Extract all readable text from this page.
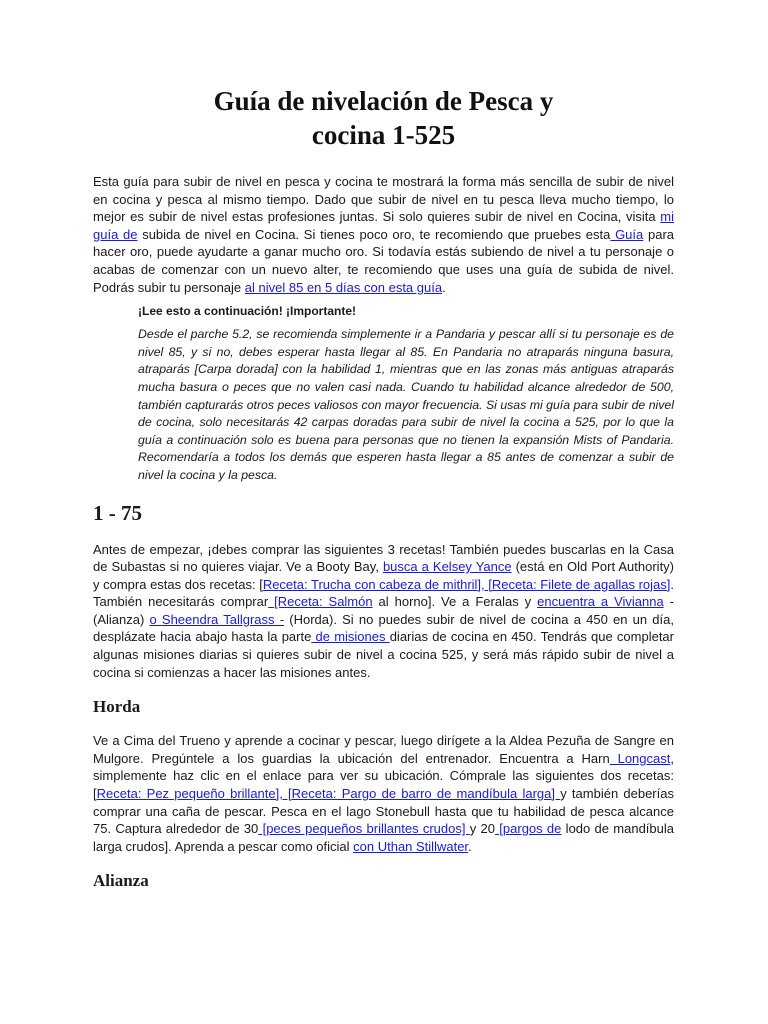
Guía de nivelación de Pesca y
cocina 1-525

Esta guía para subir de nivel en pesca y cocina te mostrará la forma más sencilla de subir de nivel en cocina y pesca al mismo tiempo. Dado que subir de nivel en tu pesca lleva mucho tiempo, lo mejor es subir de nivel estas profesiones juntas. Si solo quieres subir de nivel en Cocina, visita mi guía de subida de nivel en Cocina. Si tienes poco oro, te recomiendo que pruebes esta Guía para hacer oro, puede ayudarte a ganar mucho oro. Si todavía estás subiendo de nivel a tu personaje o acabas de comenzar con un nuevo alter, te recomiendo que uses una guía de subida de nivel. Podrás subir tu personaje al nivel 85 en 5 días con esta guía.

¡Lee esto a continuación! ¡Importante!

Desde el parche 5.2, se recomienda simplemente ir a Pandaria y pescar allí si tu personaje es de nivel 85, y si no, debes esperar hasta llegar al 85. En Pandaria no atraparás ninguna basura, atraparás [Carpa dorada] con la habilidad 1, mientras que en las zonas más antiguas atraparás mucha basura o peces que no valen casi nada. Cuando tu habilidad alcance alrededor de 500, también capturarás otros peces valiosos con mayor frecuencia. Si usas mi guía para subir de nivel de cocina, solo necesitarás 42 carpas doradas para subir de nivel la cocina a 525, por lo que la guía a continuación solo es buena para personas que no tienen la expansión Mists of Pandaria. Recomendaría a todos los demás que esperen hasta llegar a 85 antes de comenzar a subir de nivel la cocina y la pesca.

1 - 75

Antes de empezar, ¡debes comprar las siguientes 3 recetas! También puedes buscarlas en la Casa de Subastas si no quieres viajar. Ve a Booty Bay, busca a Kelsey Yance (está en Old Port Authority) y compra estas dos recetas: [Receta: Trucha con cabeza de mithril], [Receta: Filete de agallas rojas]. También necesitarás comprar [Receta: Salmón al horno]. Ve a Feralas y encuentra a Vivianna - (Alianza) o Sheendra Tallgrass - (Horda). Si no puedes subir de nivel de cocina a 450 en un día, desplázate hacia abajo hasta la parte de misiones diarias de cocina en 450. Tendrás que completar algunas misiones diarias si quieres subir de nivel a cocina 525, y será más rápido subir de nivel a cocina si comienzas a hacer las misiones antes.

Horda

Ve a Cima del Trueno y aprende a cocinar y pescar, luego dirígete a la Aldea Pezuña de Sangre en Mulgore. Pregúntele a los guardias la ubicación del entrenador. Encuentra a Harn Longcast, simplemente haz clic en el enlace para ver su ubicación. Cómprale las siguientes dos recetas: [Receta: Pez pequeño brillante], [Receta: Pargo de barro de mandíbula larga] y también deberías comprar una caña de pescar. Pesca en el lago Stonebull hasta que tu habilidad de pesca alcance 75. Captura alrededor de 30 [peces pequeños brillantes crudos] y 20 [pargos de lodo de mandíbula larga crudos]. Aprenda a pescar como oficial con Uthan Stillwater.

Alianza
